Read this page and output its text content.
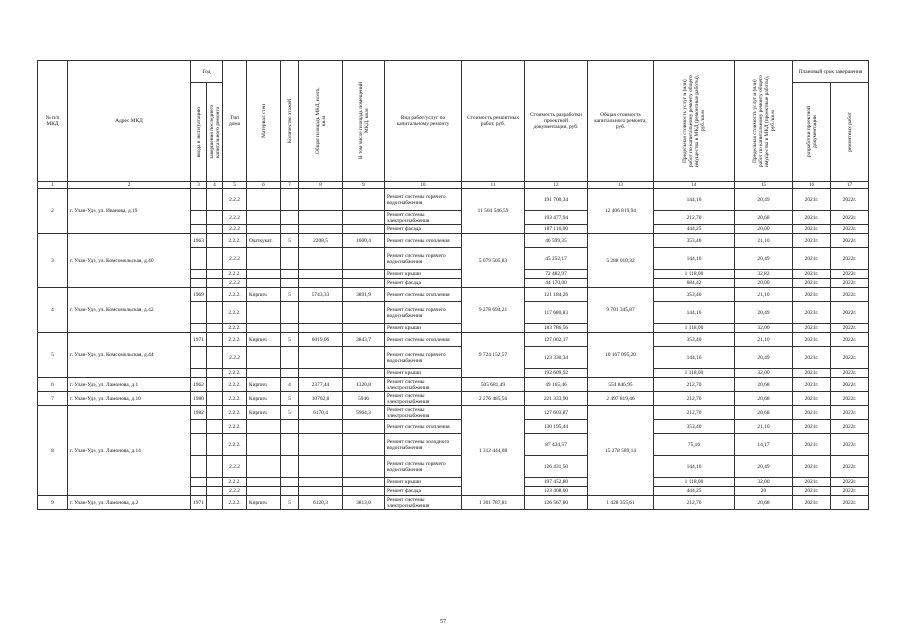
№ п/п МКД	Адрес МКД	Год		Тип дома	Материал стен	Количество этажей	Общая площадь МКД, всего, кв.м	В том числе площадь помещений МКД, кв.м	Вид работ/услуг по капитальному ремонту	Стоимость ремонтных работ, руб.	Стоимость разработки проектной документации, руб.	Общая стоимость капитального ремонта, руб.	Предельная стоимость услуг и (или) работ по капитальному ремонту общего имущества в МКД (ремонтные работы), руб./кв.м	Предельная стоимость услуг и (или) работ по капитальному ремонту общего имущества в МКД (проектные работы), руб./кв.м	Плановый срок завершения	

		ввода в эксплуатацию	завершения последнего капитального ремонта												разработки проектной документации	ремонтных работ

1	2	3	4	5	6	7	8	9	10	11	12	13	14	15	16	17
2	г. Улан-Удэ, ул. Иванова, д.19			2.2.2					Ремонт системы горячего водоснабжения	11 504 546,59	191 700,34	12 406 819,94	144,16	20,49	2021г.	2022г.
				2.2.2					Ремонт системы электроснабжения		193 477,94		212,70	20,68	2021г.	2022г.
				2.2.2					Ремонт фасада		187 116,00		444,25	20,00	2021г.	2022г.
3	г. Улан-Удэ, ул. Комсомольская, д.40	1963		2.2.2.	Ошткукат.	5	2208,5	1600,4	Ремонт системы отопления	5 079 505,83	46 599,35	5 288 010,32	353,40	21,10	2021г.	2022г.
				2.2.2					Ремонт системы горячего водоснабжения		45 252,17		144,16	20,49	2021г.	2022г.
				2.2.2.					Ремонт крыши		72 482,97		1 118,00	32,82	2021г.	2022г.
				2.2.2					Ремонт фасада		44 170,00		684,42	20,00	2021г.	2022г.
4	г. Улан-Удэ, ул. Комсомольская, д.42	1969		2.2.2.	Кирпич	5	5743,33	3891,9	Ремонт системы отопления	9 278 694,21	121 184,26	9 701 345,87	353,40	21,10	2021г.	2022г.
				2.2.2.					Ремонт системы горячего водоснабжения		117 680,83		144,16	20,49	2021г.	2022г.
				2.2.2.					Ремонт крыши		183 786,56		1 118,00	32,00	2021г.	2022г.
5	г. Улан-Удэ, ул. Комсомольская, д.44	1971		2.2.2.	Кирпич	5	6019,06	3843,7	Ремонт системы отопления	9 724 152,57	127 002,17	10 167 095,20	353,40	21,10	2021г.	2022г.
				2.2.2					Ремонт системы горячего водоснабжения		123 330,34		144,16	20,49	2021г.	2022г.
				2.2.2.					Ремонт крыши		192 609,92		1 118,00	32,00	2021г.	2022г.
6	г. Улан-Удэ, ул. Ламонова, д.1	1962		2.2.2.	Кирпич	4	2377,44	1320,8	Ремонт системы электроснабжения	505 681,49	49 165,46	554 846,95	212,70	20,68	2021г.	2022г.
7	г. Улан-Удэ, ул. Ламонова, д.10	1980		2.2.2.	Кирпич	5	10702,8	5946	Ремонт системы электроснабжения	2 276 485,56	221 333,90	2 497 819,46	212,70	20,68	2021г.	2022г.
8	г. Улан-Удэ, ул. Ламонова, д.14	1982		2.2.2.	Кирпич	5	6170,4	5964,3	Ремонт системы электроснабжения	1 312 444,08	127 603,87	15 278 589,14	212,70	20,68	2021г.	2022г.
				2.2.2.					Ремонт системы отопления		130 195,44		353,40	21,10	2021г.	2022г.
				2.2.2.					Ремонт системы холодного водоснабжения		87 434,57		75,16	14,17	2021г.	2022г.
				2.2.2					Ремонт системы горячего водоснабжения		126 431,50		144,16	20,49	2021г.	2022г.
				2.2.2.					Ремонт крыши		197 452,80		1 118,00	32,00	2021г.	2022г.
				2.2.2					Ремонт фасада		123 408,00		444,25	20	2021г.	2022г.
9	г. Улан-Удэ, ул. Ламонова, д.2	1971		2.2.2.	Кирпич	5	6120,3	3813,0	Ремонт системы электроснабжения	1 301 787,81	126 567,80	1 428 355,61	212,70	20,68	2021г.	2022г.
57
